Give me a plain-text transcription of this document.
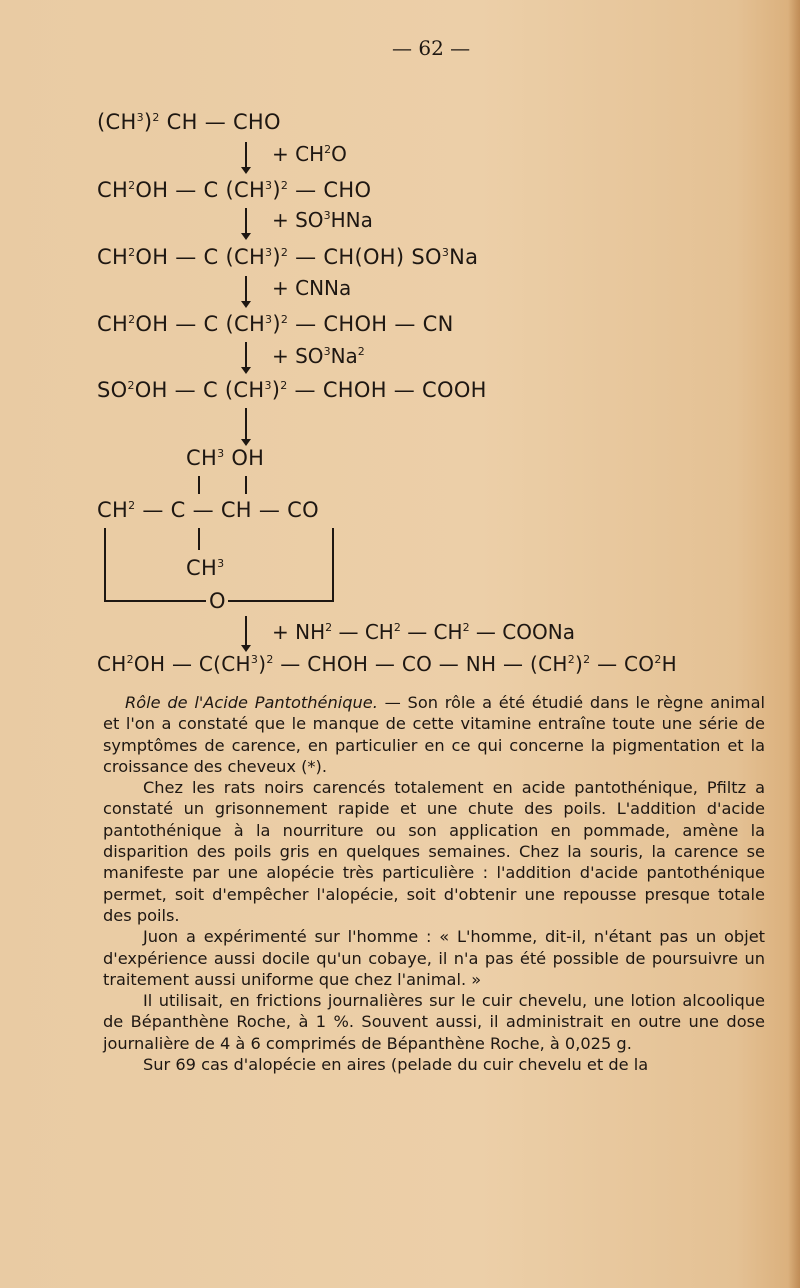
— 62 —
$(CH^3)^2$ CH — CHO
+ $CH^2O$
$CH^2OH$ — C $(CH^3)^2$ — CHO
+ $SO^3HNa$
$CH^2OH$ — C $(CH^3)^2$ — CH(OH) $SO^3Na$
+ CNNa
$CH^2OH$ — C $(CH^3)^2$ — CHOH — CN
+ $SO^3Na^2$
$SO^2OH$ — C $(CH^3)^2$ — CHOH — COOH
$CH^3$ OH
$CH^2$ — C — CH — CO
$CH^3$
O
+ $NH^2$ — $CH^2$ — $CH^2$ — COONa
$CH^2OH$ — $C(CH^3)^2$ — CHOH — CO — NH — $(CH^2)^2$ — $CO^2H$

Rôle de l'Acide Pantothénique. — Son rôle a été étudié dans le règne animal et l'on a constaté que le manque de cette vitamine entraîne toute une série de symptômes de carence, en particulier en ce qui concerne la pigmentation et la croissance des cheveux (*).

Chez les rats noirs carencés totalement en acide pantothénique, Pfiltz a constaté un grisonnement rapide et une chute des poils. L'addition d'acide pantothénique à la nourriture ou son application en pommade, amène la disparition des poils gris en quelques semaines. Chez la souris, la carence se manifeste par une alopécie très particulière : l'addition d'acide pantothénique permet, soit d'empêcher l'alopécie, soit d'obtenir une repousse presque totale des poils.

Juon a expérimenté sur l'homme : « L'homme, dit-il, n'étant pas un objet d'expérience aussi docile qu'un cobaye, il n'a pas été possible de poursuivre un traitement aussi uniforme que chez l'animal. »

Il utilisait, en frictions journalières sur le cuir chevelu, une lotion alcoolique de Bépanthène Roche, à 1 %. Souvent aussi, il administrait en outre une dose journalière de 4 à 6 comprimés de Bépanthène Roche, à 0,025 g.

Sur 69 cas d'alopécie en aires (pelade du cuir chevelu et de la
